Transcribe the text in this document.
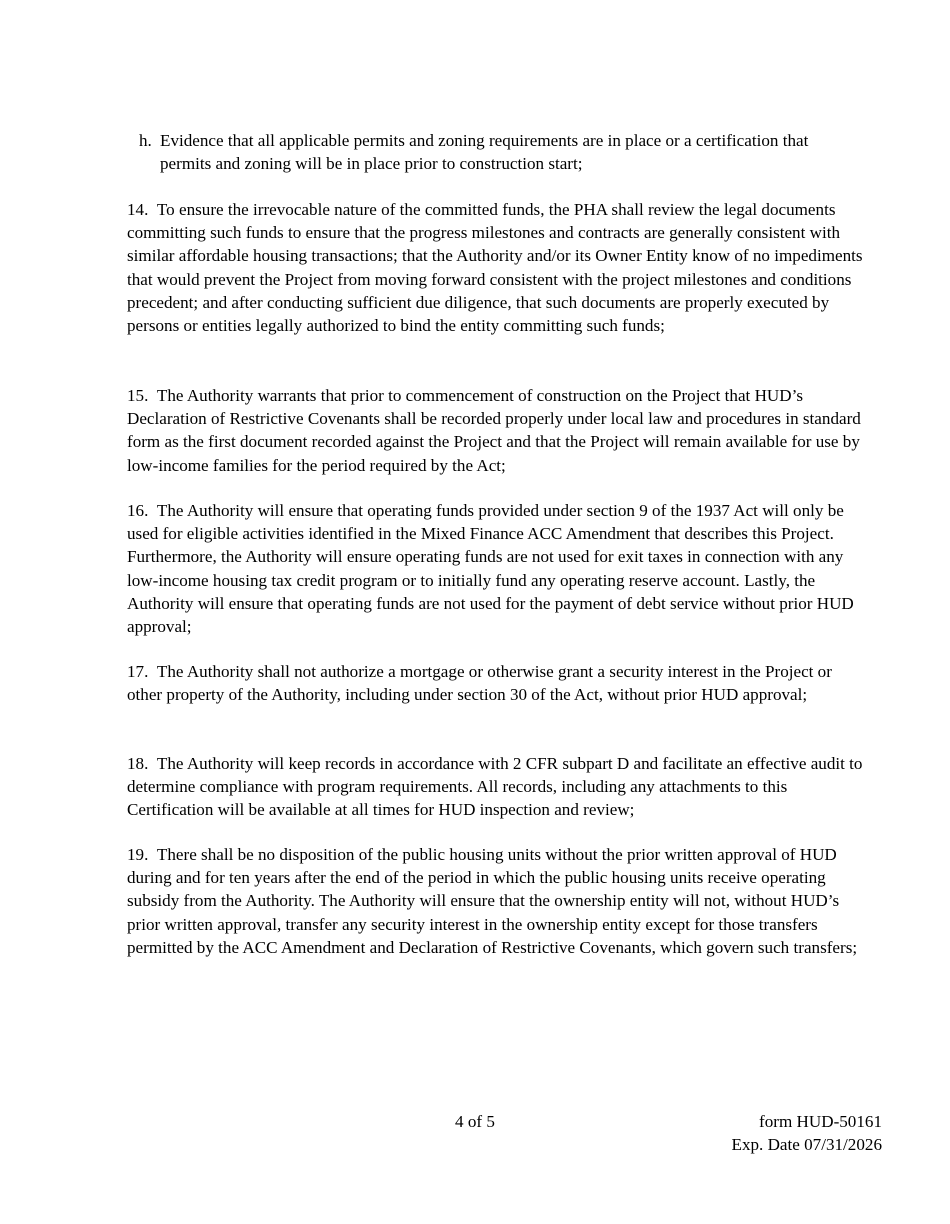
h. Evidence that all applicable permits and zoning requirements are in place or a certification that permits and zoning will be in place prior to construction start;

14. To ensure the irrevocable nature of the committed funds, the PHA shall review the legal documents committing such funds to ensure that the progress milestones and contracts are generally consistent with similar affordable housing transactions; that the Authority and/or its Owner Entity know of no impediments that would prevent the Project from moving forward consistent with the project milestones and conditions precedent; and after conducting sufficient due diligence, that such documents are properly executed by persons or entities legally authorized to bind the entity committing such funds;

15. The Authority warrants that prior to commencement of construction on the Project that HUD’s Declaration of Restrictive Covenants shall be recorded properly under local law and procedures in standard form as the first document recorded against the Project and that the Project will remain available for use by low-income families for the period required by the Act;

16. The Authority will ensure that operating funds provided under section 9 of the 1937 Act will only be used for eligible activities identified in the Mixed Finance ACC Amendment that describes this Project. Furthermore, the Authority will ensure operating funds are not used for exit taxes in connection with any low-income housing tax credit program or to initially fund any operating reserve account. Lastly, the Authority will ensure that operating funds are not used for the payment of debt service without prior HUD approval;

17. The Authority shall not authorize a mortgage or otherwise grant a security interest in the Project or other property of the Authority, including under section 30 of the Act, without prior HUD approval;

18. The Authority will keep records in accordance with 2 CFR subpart D and facilitate an effective audit to determine compliance with program requirements. All records, including any attachments to this Certification will be available at all times for HUD inspection and review;

19. There shall be no disposition of the public housing units without the prior written approval of HUD during and for ten years after the end of the period in which the public housing units receive operating subsidy from the Authority. The Authority will ensure that the ownership entity will not, without HUD’s prior written approval, transfer any security interest in the ownership entity except for those transfers permitted by the ACC Amendment and Declaration of Restrictive Covenants, which govern such transfers;

4 of 5	form HUD-50161
Exp. Date 07/31/2026
